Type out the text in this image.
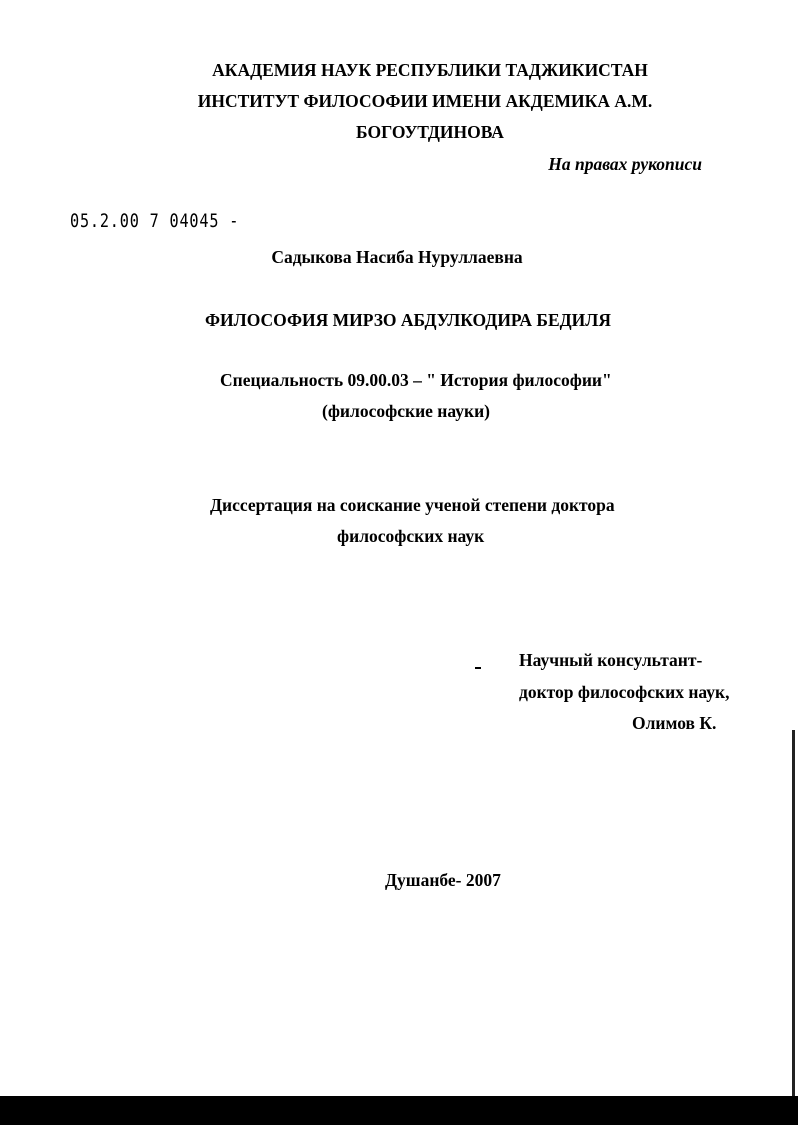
АКАДЕМИЯ НАУК РЕСПУБЛИКИ ТАДЖИКИСТАН
ИНСТИТУТ ФИЛОСОФИИ ИМЕНИ АКДЕМИКА А.М.
БОГОУТДИНОВА
На правах рукописи
05.2.00 7 04045 -
Садыкова Насиба Нуруллаевна
ФИЛОСОФИЯ МИРЗО АБДУЛКОДИРА БЕДИЛЯ
Специальность 09.00.03 – " История философии"
(философские науки)
Диссертация на соискание ученой степени доктора
философских наук
Научный консультант-
доктор философских наук,
Олимов К.
Душанбе- 2007
